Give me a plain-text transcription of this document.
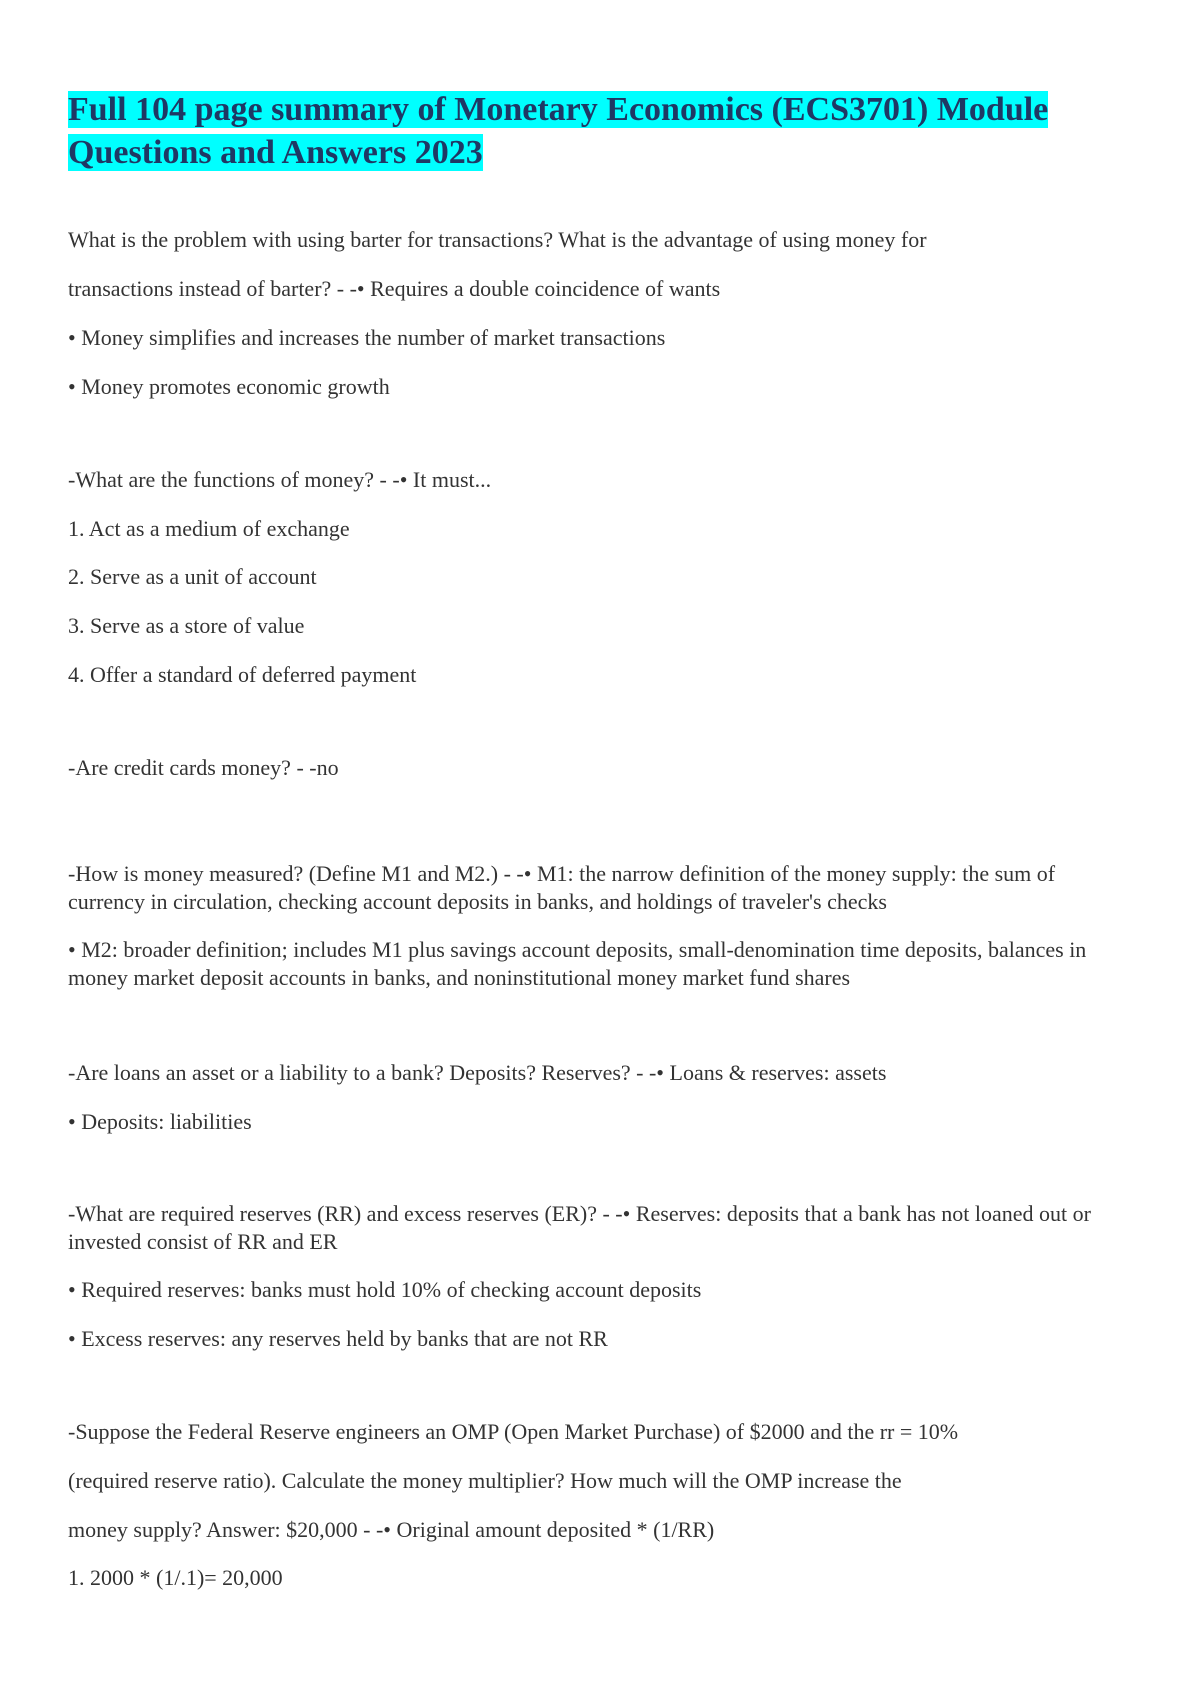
Full 104 page summary of Monetary Economics (ECS3701) Module
Questions and Answers 2023
What is the problem with using barter for transactions? What is the advantage of using money for
transactions instead of barter? - -• Requires a double coincidence of wants
• Money simplifies and increases the number of market transactions
• Money promotes economic growth
-What are the functions of money? - -• It must...
1. Act as a medium of exchange
2. Serve as a unit of account
3. Serve as a store of value
4. Offer a standard of deferred payment
-Are credit cards money? - -no
-How is money measured? (Define M1 and M2.) - -• M1: the narrow definition of the money supply: the sum of currency in circulation, checking account deposits in banks, and holdings of traveler's checks
• M2: broader definition; includes M1 plus savings account deposits, small-denomination time deposits, balances in money market deposit accounts in banks, and noninstitutional money market fund shares
-Are loans an asset or a liability to a bank? Deposits? Reserves? - -• Loans & reserves: assets
• Deposits: liabilities
-What are required reserves (RR) and excess reserves (ER)? - -• Reserves: deposits that a bank has not loaned out or invested consist of RR and ER
• Required reserves: banks must hold 10% of checking account deposits
• Excess reserves: any reserves held by banks that are not RR
-Suppose the Federal Reserve engineers an OMP (Open Market Purchase) of $2000 and the rr = 10%
(required reserve ratio). Calculate the money multiplier? How much will the OMP increase the
money supply? Answer: $20,000 - -• Original amount deposited * (1/RR)
1. 2000 * (1/.1)= 20,000
